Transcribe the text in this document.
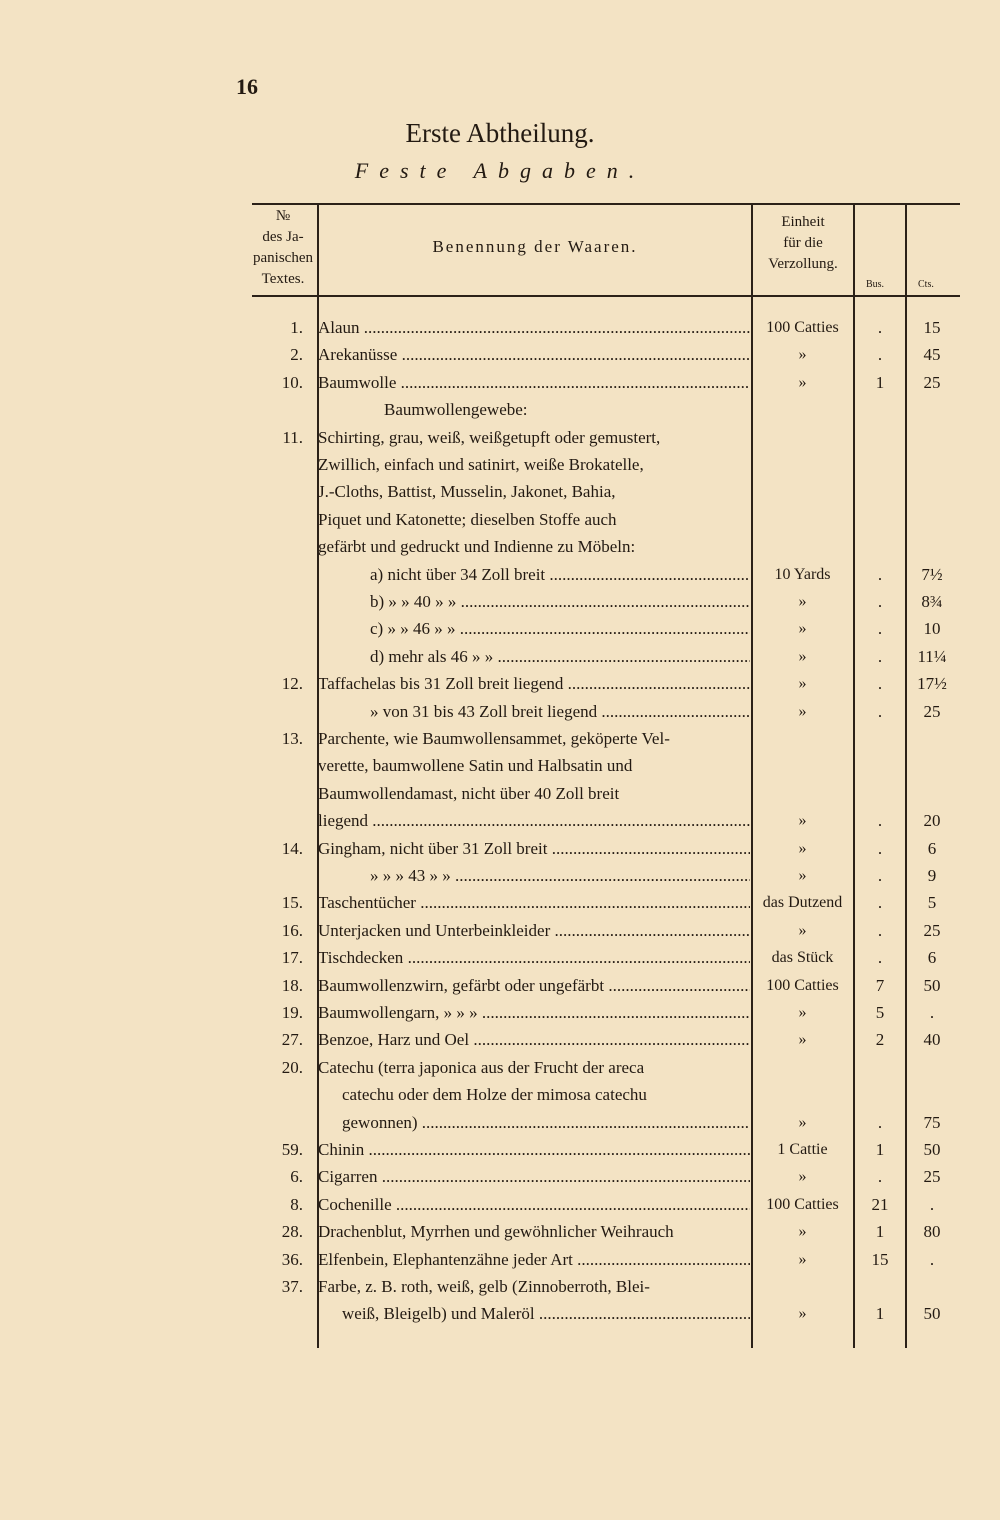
16
Erste Abtheilung.
Feste Abgaben.
№
des Ja-
panischen
Textes.
Benennung der Waaren.
Einheit
für die
Verzollung.
Bus.	Cts.
1. Alaun .....	100 Catties	.	15
2. Arekanüsse .....	»	.	45
10. Baumwolle .....	»	1	25
Baumwollengewebe:
11. Schirting, grau, weiß, weißgetupft oder gemustert,
Zwillich, einfach und satinirt, weiße Brokatelle,
J.-Cloths, Battist, Musselin, Jakonet, Bahia,
Piquet und Katonette; dieselben Stoffe auch
gefärbt und gedruckt und Indienne zu Möbeln:
a) nicht über 34 Zoll breit .....	10 Yards	.	7½
b) » » 40 » » .....	»	.	8¾
c) » » 46 » » .....	»	.	10
d) mehr als 46 » » .....	»	.	11¼
12. Taffachelas bis 31 Zoll breit liegend .....	»	.	17½
» von 31 bis 43 Zoll breit liegend .....	»	.	25
13. Parchente, wie Baumwollensammet, geköperte Vel-
verette, baumwollene Satin und Halbsatin und
Baumwollendamast, nicht über 40 Zoll breit
liegend .....	»	.	20
14. Gingham, nicht über 31 Zoll breit .....	»	.	6
» » » 43 » » .....	»	.	9
15. Taschentücher .....	das Dutzend	.	5
16. Unterjacken und Unterbeinkleider .....	»	.	25
17. Tischdecken .....	das Stück	.	6
18. Baumwollenzwirn, gefärbt oder ungefärbt .....	100 Catties	7	50
19. Baumwollengarn, » » » .....	»	5	.
27. Benzoe, Harz und Oel .....	»	2	40
20. Catechu (terra japonica aus der Frucht der areca
catechu oder dem Holze der mimosa catechu
gewonnen) .....	»	.	75
59. Chinin .....	1 Cattie	1	50
6. Cigarren .....	»	.	25
8. Cochenille .....	100 Catties	21	.
28. Drachenblut, Myrrhen und gewöhnlicher Weihrauch	»	1	80
36. Elfenbein, Elephantenzähne jeder Art .....	»	15	.
37. Farbe, z. B. roth, weiß, gelb (Zinnoberroth, Blei-
weiß, Bleigelb) und Maleröl .....	»	1	50
